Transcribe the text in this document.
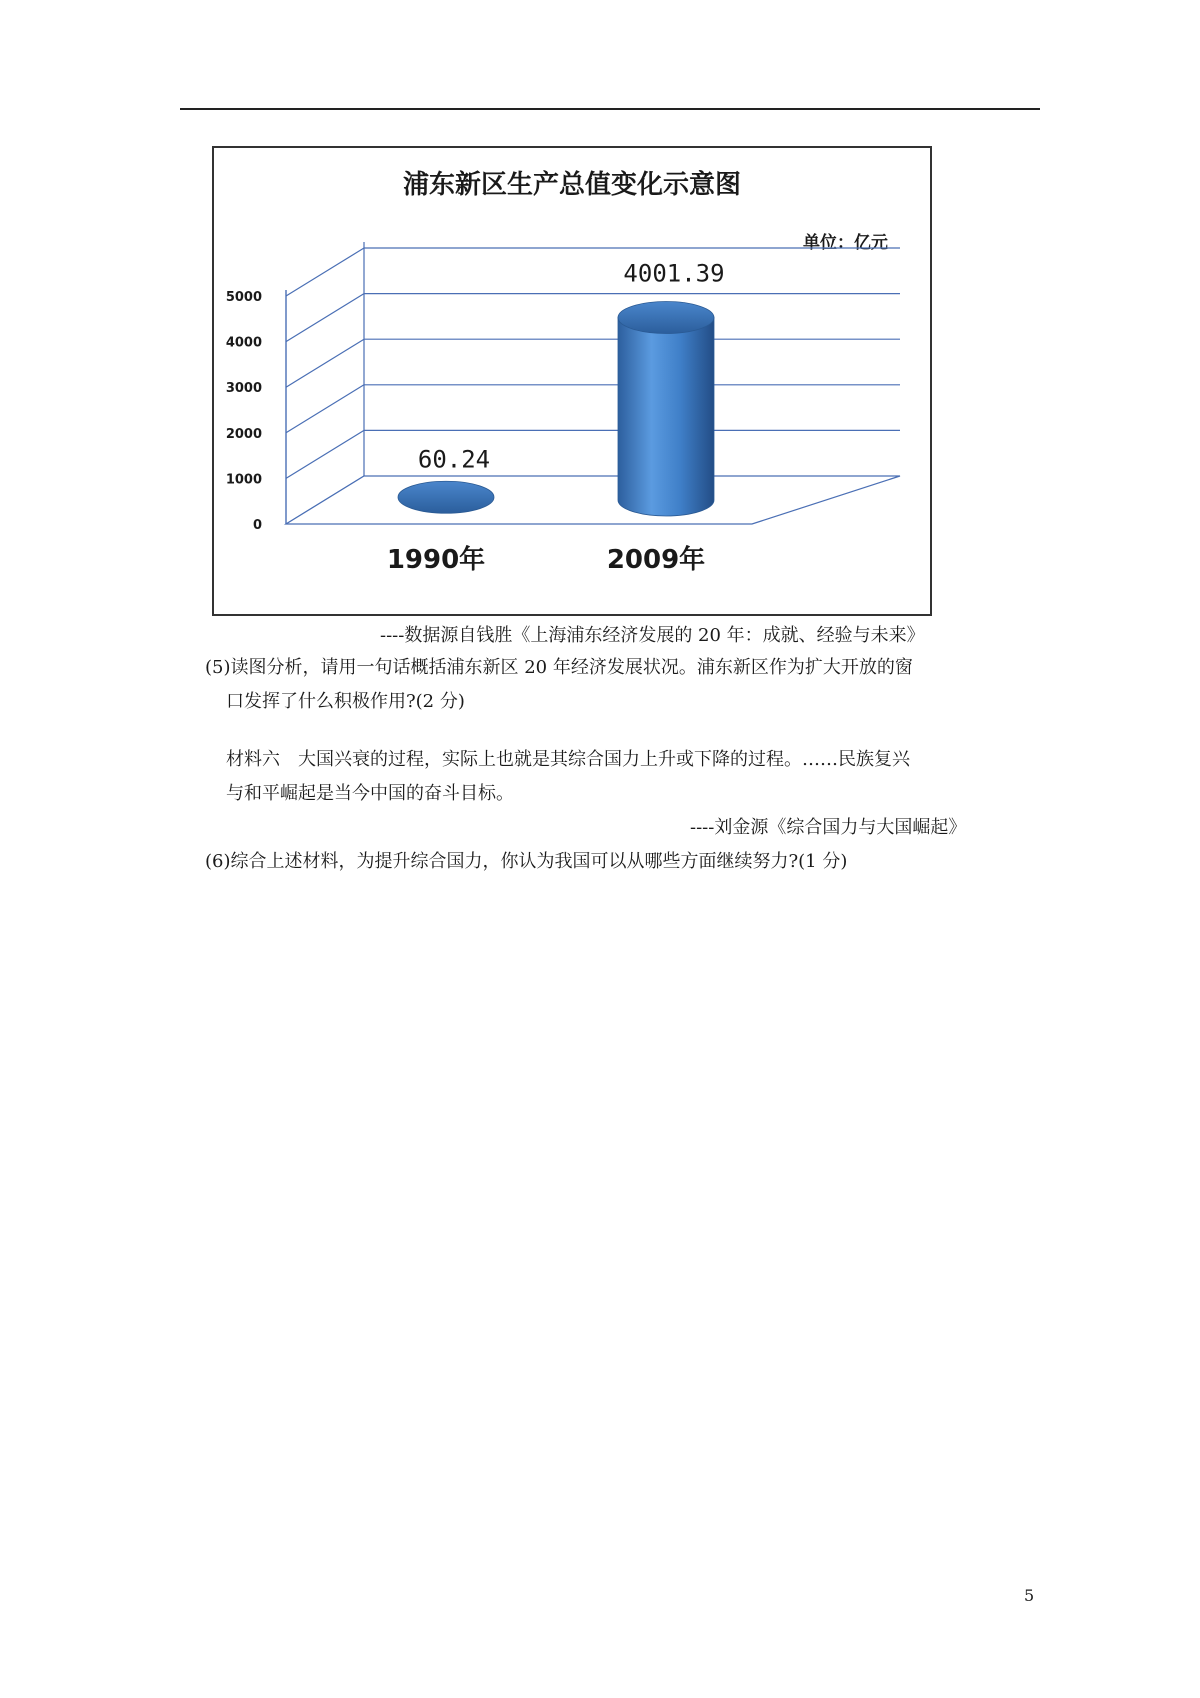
浦东新区生产总值变化示意图
单位：亿元
0
1000
2000
3000
4000
5000
60.24
1990年
4001.39
2009年
----数据源自钱胜《上海浦东经济发展的 20 年：成就、经验与未来》
(5)读图分析，请用一句话概括浦东新区 20 年经济发展状况。浦东新区作为扩大开放的窗
口发挥了什么积极作用?(2 分)
材料六　大国兴衰的过程，实际上也就是其综合国力上升或下降的过程。……民族复兴
与和平崛起是当今中国的奋斗目标。
----刘金源《综合国力与大国崛起》
(6)综合上述材料，为提升综合国力，你认为我国可以从哪些方面继续努力?(1 分)
5
